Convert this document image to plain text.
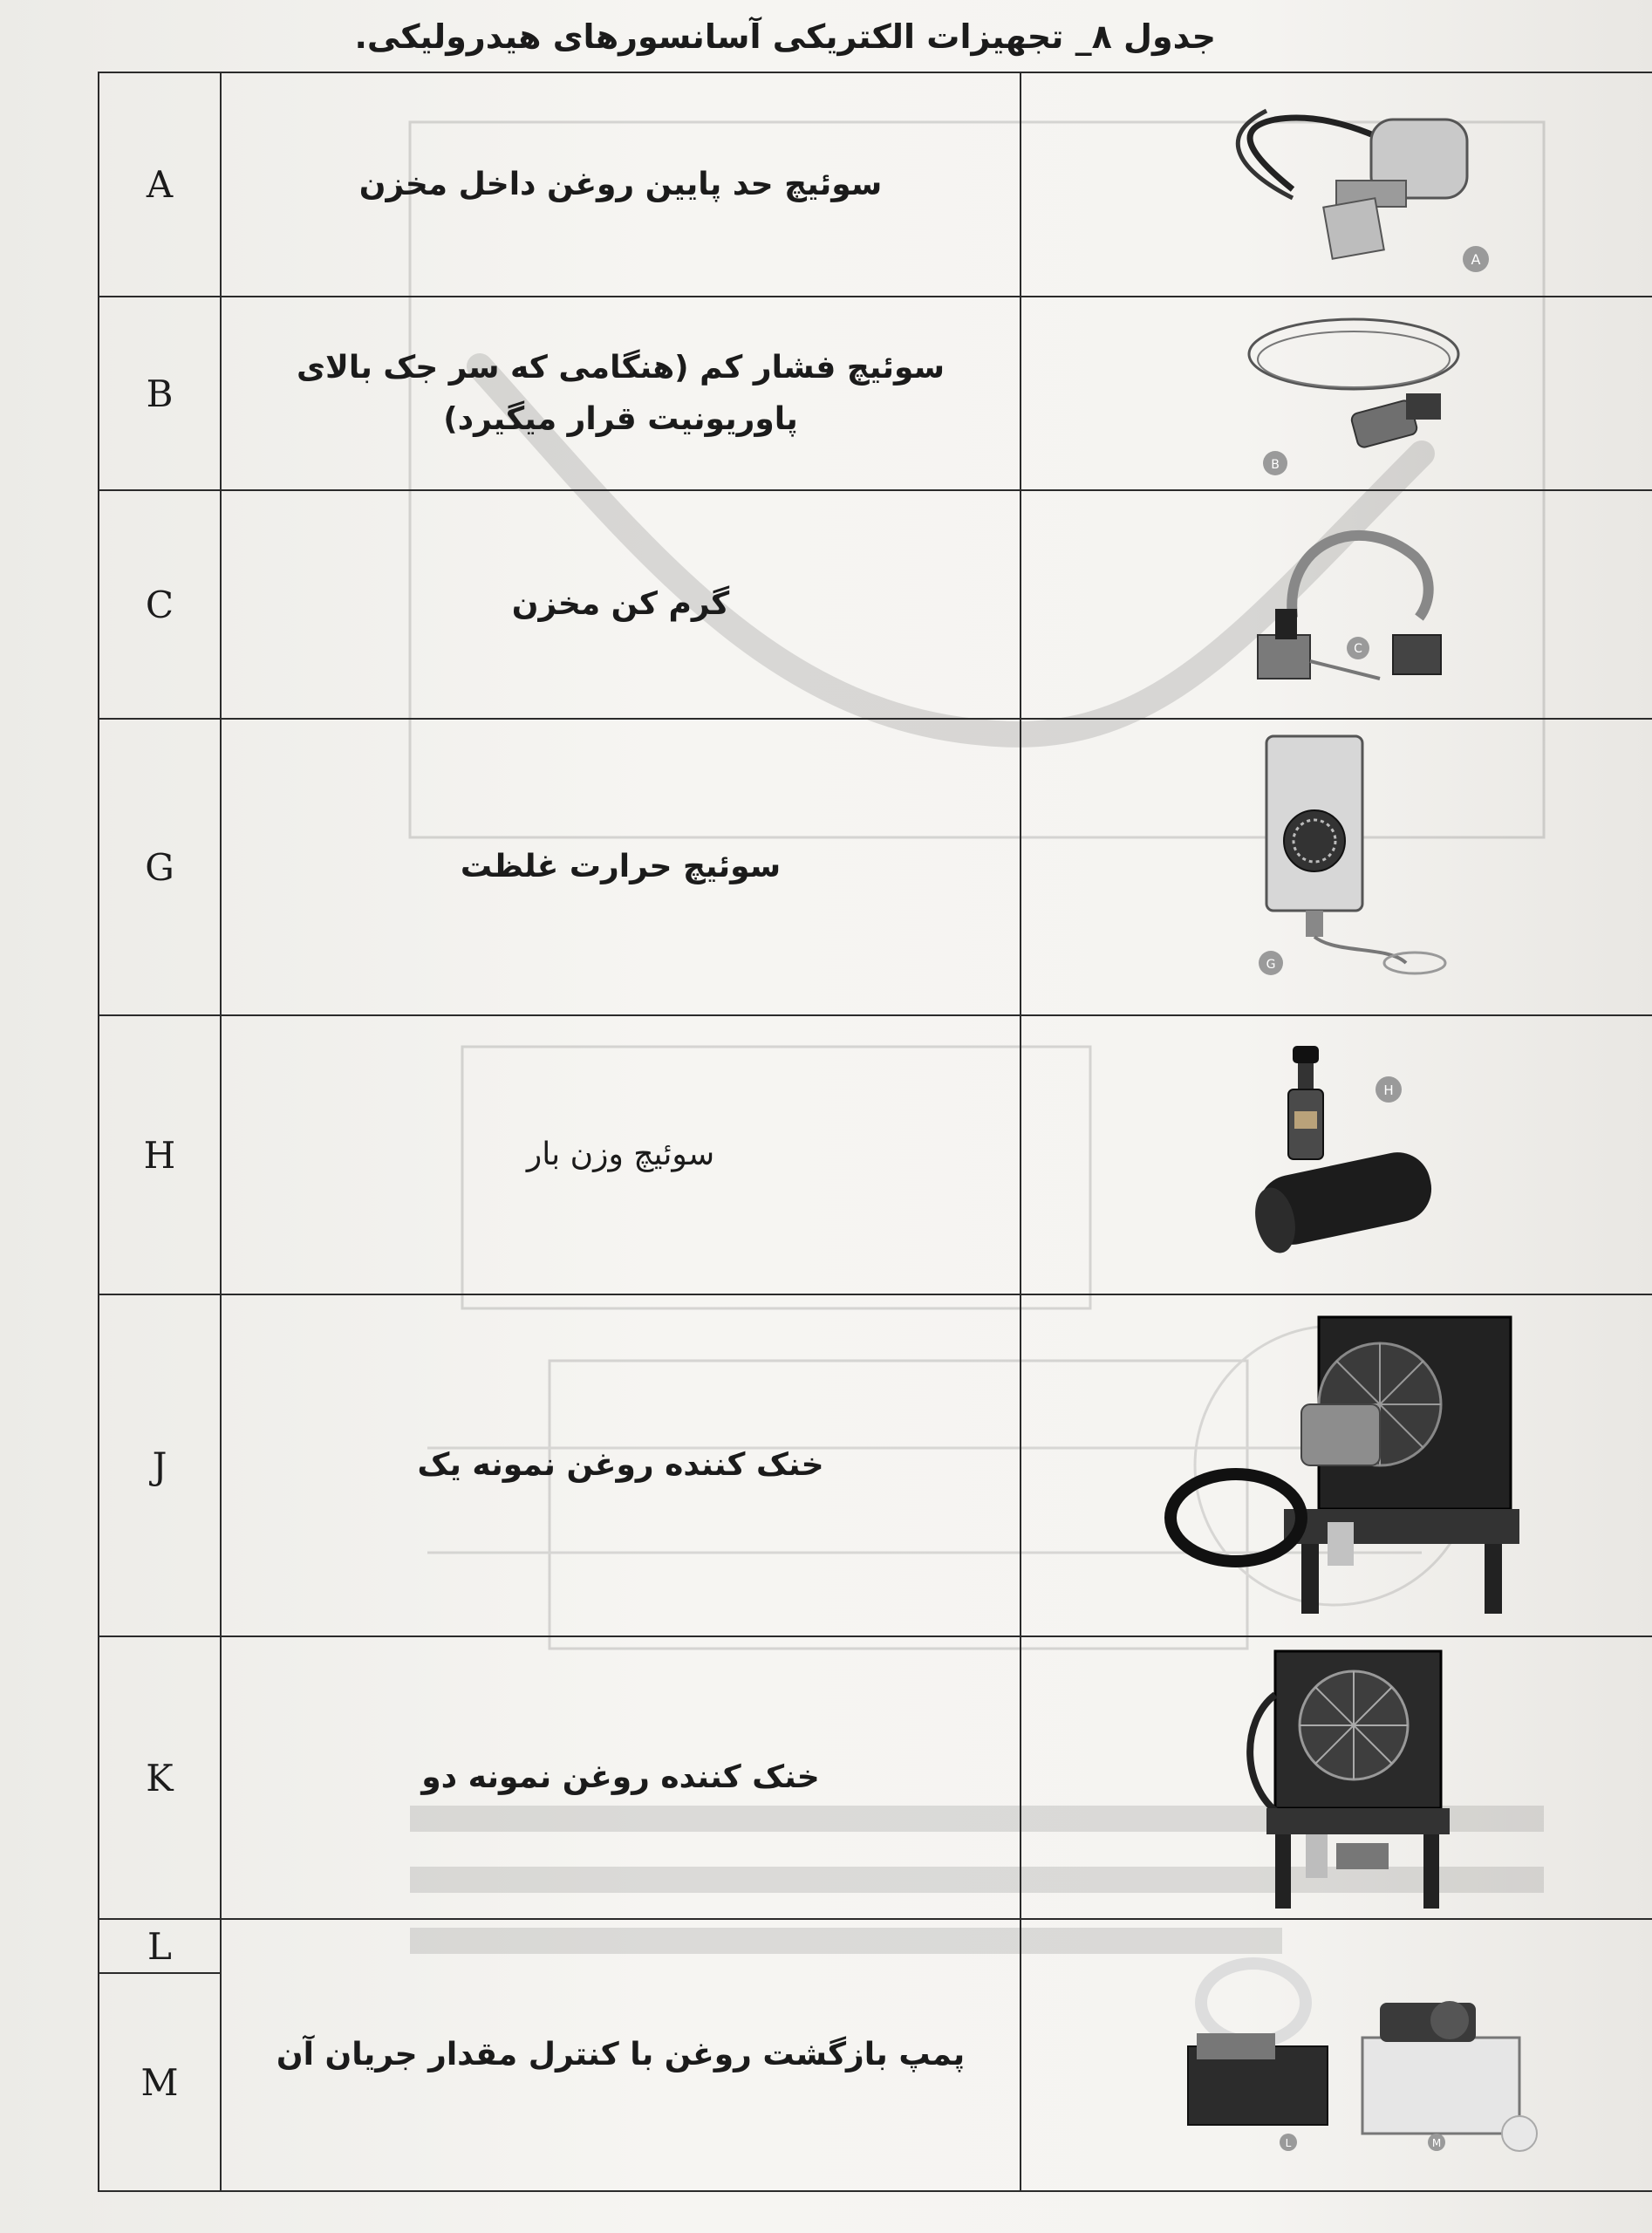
جدول ۸_ تجهیزات الکتریکی آسانسورهای هیدرولیکی.
A	سوئیچ حد پایین روغن داخل مخزن	A

B	سوئیچ فشار کم (هنگامی که سر جک بالای پاوریونیت قرار میگیرد)	B

C	گرم کن مخزن	C

G	سوئیچ حرارت غلظت	G

H	سوئیچ وزن بار	H

J	خنک کننده روغن نمونه یک	

K	خنک کننده روغن نمونه دو	

L	پمپ بازگشت روغن با کنترل مقدار جریان آن	L M

M		
